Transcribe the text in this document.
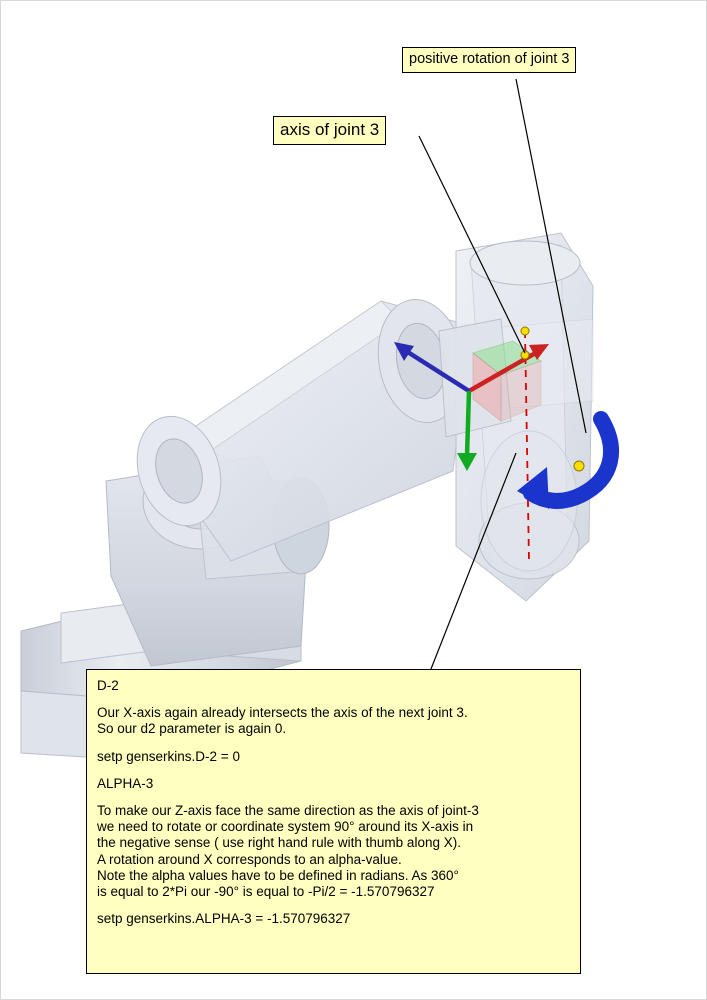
positive rotation of joint 3
axis of joint 3
D-2
Our X-axis again already intersects the axis of the next joint 3.
So our d2 parameter is again 0.
setp genserkins.D-2 = 0
ALPHA-3
To make our Z-axis face the same direction as the axis of joint-3
we need to rotate or coordinate system 90° around its X-axis in
the negative sense ( use right hand rule with thumb along X).
A rotation around X corresponds to an alpha-value.
Note the alpha values have to be defined in radians. As 360°
is equal to 2*Pi our -90° is equal to -Pi/2 = -1.570796327
setp genserkins.ALPHA-3 = -1.570796327
